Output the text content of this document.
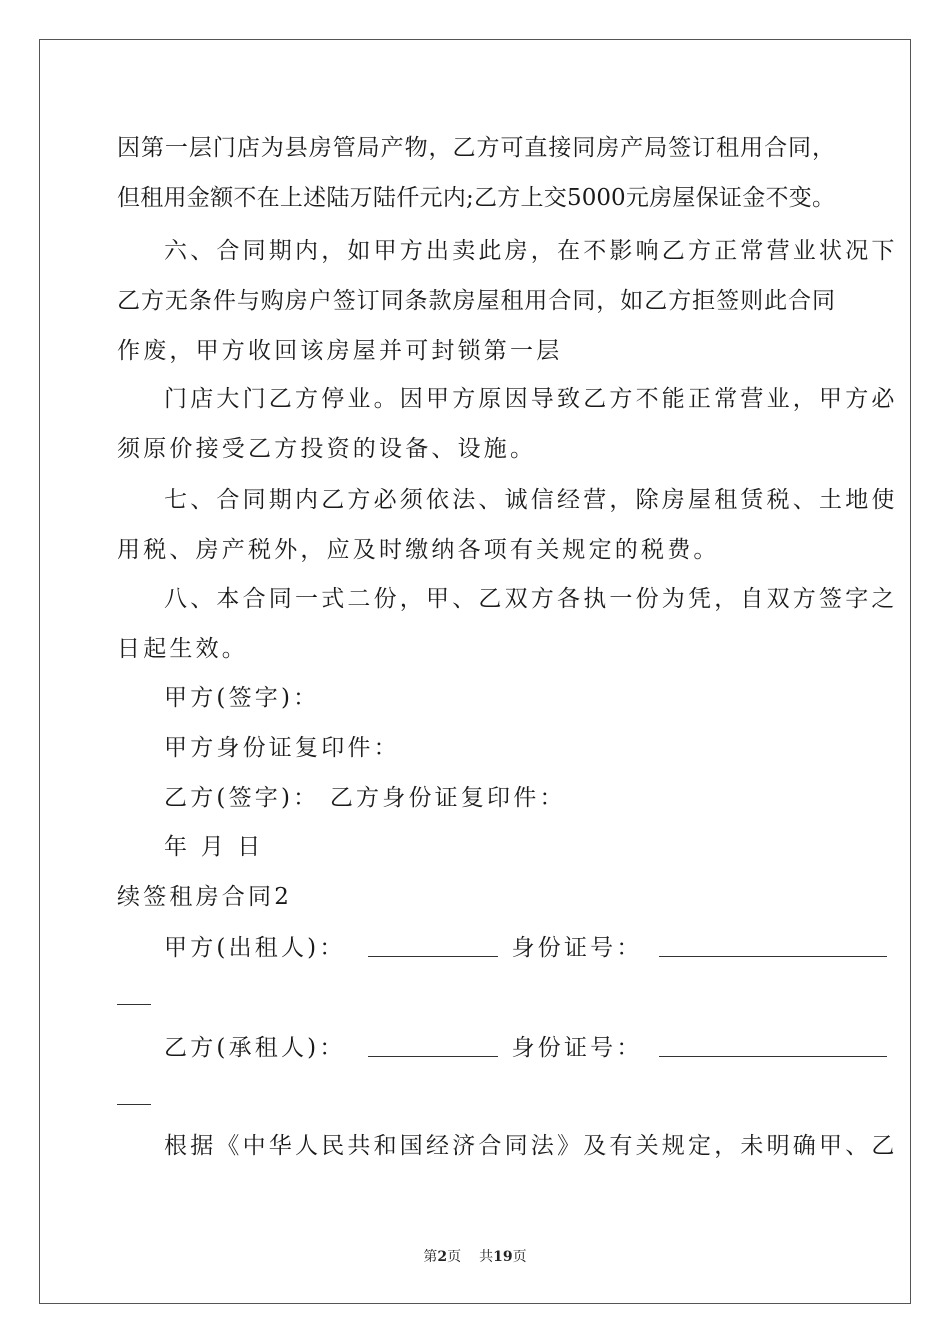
因第一层门店为县房管局产物，乙方可直接同房产局签订租用合同，
但租用金额不在上述陆万陆仟元内;乙方上交5000元房屋保证金不变。
六、合同期内，如甲方出卖此房，在不影响乙方正常营业状况下
乙方无条件与购房户签订同条款房屋租用合同，如乙方拒签则此合同
作废，甲方收回该房屋并可封锁第一层
门店大门乙方停业。因甲方原因导致乙方不能正常营业，甲方必
须原价接受乙方投资的设备、设施。
七、合同期内乙方必须依法、诚信经营，除房屋租赁税、土地使
用税、房产税外，应及时缴纳各项有关规定的税费。
八、本合同一式二份，甲、乙双方各执一份为凭，自双方签字之
日起生效。
甲方(签字)：
甲方身份证复印件：
乙方(签字)： 乙方身份证复印件：
年 月 日
续签租房合同2
甲方(出租人)：	身份证号：
乙方(承租人)：	身份证号：
根据《中华人民共和国经济合同法》及有关规定，未明确甲、乙
第2页 共19页
